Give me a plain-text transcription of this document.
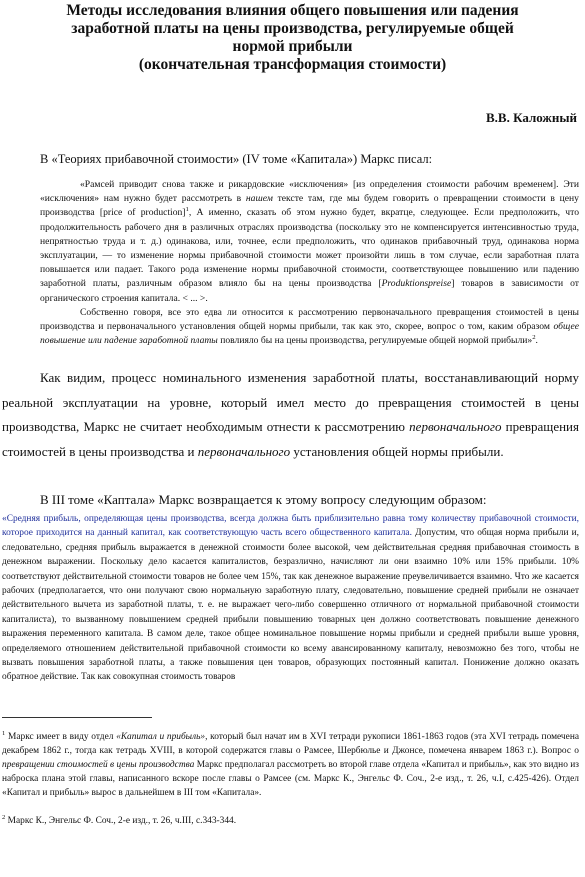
Методы исследования влияния общего повышения или падения
заработной платы на цены производства, регулируемые общей
нормой прибыли
(окончательная трансформация стоимости)
В.В. Каложный

В «Теориях прибавочной стоимости» (IV томе «Капитала») Маркс писал:

«Рамсей приводит снова также и рикардовские «исключения» [из определения стоимости рабочим временем]. Эти «исключения» нам нужно будет рассмотреть в нашем тексте там, где мы будем говорить о превращении стоимости в цену производства [price of production]$^1$, А именно, сказать об этом нужно будет, вкратце, следующее. Если предположить, что продолжительность рабочего дня в различных отраслях производства (поскольку это не компенсируется интенсивностью труда, непрятностью труда и т. д.) одинакова, или, точнее, если предположить, что одинаков прибавочный труд, одинакова норма эксплуатации, — то изменение нормы прибавочной стоимости может произойти лишь в том случае, если заработная плата повышается или падает. Такого рода изменение нормы прибавочной стоимости, соответствующее повышению или падению заработной платы, различным образом влияло бы на цены производства [Produktionspreise] товаров в зависимости от органического строения капитала. < ... >.

Собственно говоря, все это едва ли относится к рассмотрению первоначального превращения стоимостей в цены производства и первоначального установления общей нормы прибыли, так как это, скорее, вопрос о том, каким образом общее повышение или падение заработной платы повлияло бы на цены производства, регулируемые общей нормой прибыли»$^2$.

Как видим, процесс номинального изменения заработной платы, восстанавливающий норму реальной эксплуатации на уровне, который имел место до превращения стоимостей в цены производства, Маркс не считает необходимым отнести к рассмотрению первоначального превращения стоимостей в цены производства и первоначального установления общей нормы прибыли.

В III томе «Каптала» Маркс возвращается к этому вопросу следующим образом:

«Средняя прибыль, определяющая цены производства, всегда должна быть приблизительно равна тому количеству прибавочной стоимости, которое приходится на данный капитал, как соответствующую часть всего общественного капитала. Допустим, что общая норма прибыли и, следовательно, средняя прибыль выражается в денежной стоимости более высокой, чем действительная средняя прибавочная стоимость в денежном выражении. Поскольку дело касается капиталистов, безразлично, начисляют ли они взаимно 10% или 15% прибыли. 10% соответствуют действительной стоимости товаров не более чем 15%, так как денежное выражение преувеличивается взаимно. Что же касается рабочих (предполагается, что они получают свою нормальную заработную плату, следовательно, повышение средней прибыли не означает действительного вычета из заработной платы, т. е. не выражает чего-либо совершенно отличного от нормальной прибавочной стоимости капиталиста), то вызванному повышением средней прибыли повышению товарных цен должно соответствовать повышение денежного выражения переменного капитала. В самом деле, такое общее номинальное повышение нормы прибыли и средней прибыли выше уровня, определяемого отношением действительной прибавочной стоимости ко всему авансированному капиталу, невозможно без того, чтобы не вызвать повышения заработной платы, а также повышения цен товаров, образующих постоянный капитал. Понижение должно оказать обратное действие. Так как совокупная стоимость товаров

$^1$ Маркс имеет в виду отдел «Капитал и прибыль», который был начат им в XVI тетради рукописи 1861-1863 годов (эта XVI тетрадь помечена декабрем 1862 г., тогда как тетрадь XVIII, в которой содержатся главы о Рамсее, Шербюлье и Джонсе, помечена январем 1863 г.). Вопрос о превращении стоимостей в цены производства Маркс предполагал рассмотреть во второй главе отдела «Капитал и прибыль», как это видно из наброска плана этой главы, написанного вскоре после главы о Рамсее (см. Маркс К., Энгельс Ф. Соч., 2-е изд., т. 26, ч.I, с.425-426). Отдел «Капитал и прибыль» вырос в дальнейшем в III том «Капитала».

$^2$ Маркс К., Энгельс Ф. Соч., 2-е изд., т. 26, ч.III, с.343-344.
